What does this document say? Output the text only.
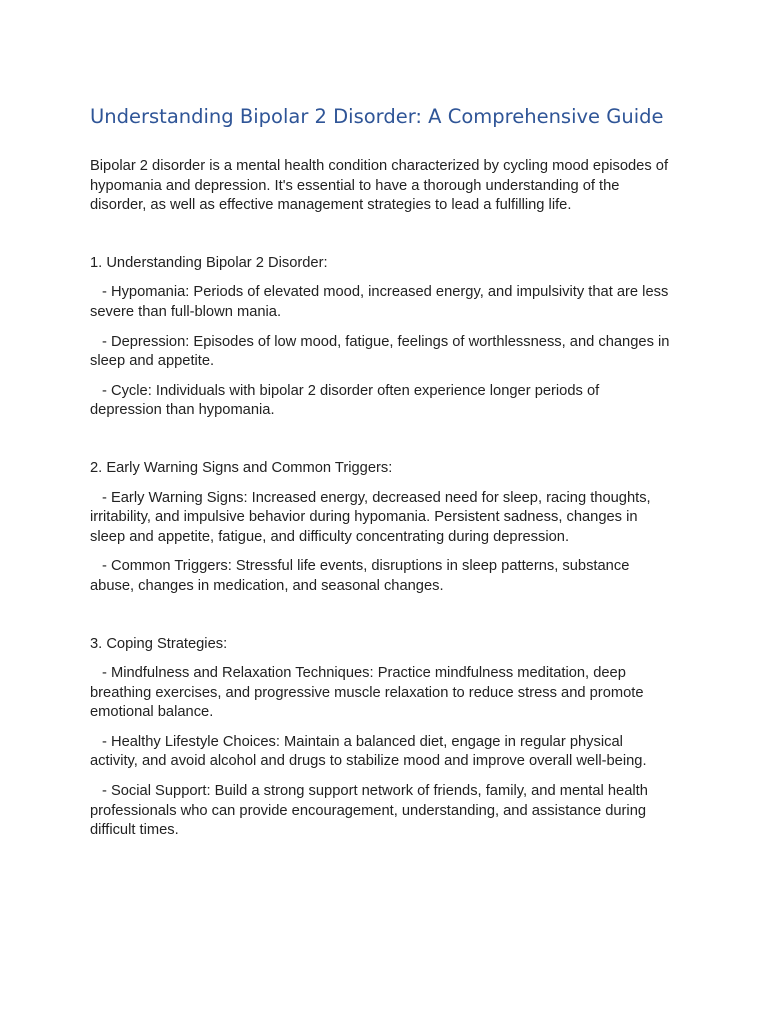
Understanding Bipolar 2 Disorder: A Comprehensive Guide

Bipolar 2 disorder is a mental health condition characterized by cycling mood episodes of hypomania and depression. It's essential to have a thorough understanding of the disorder, as well as effective management strategies to lead a fulfilling life.

1. Understanding Bipolar 2 Disorder:

- Hypomania: Periods of elevated mood, increased energy, and impulsivity that are less severe than full-blown mania.

- Depression: Episodes of low mood, fatigue, feelings of worthlessness, and changes in sleep and appetite.

- Cycle: Individuals with bipolar 2 disorder often experience longer periods of depression than hypomania.

2. Early Warning Signs and Common Triggers:

- Early Warning Signs: Increased energy, decreased need for sleep, racing thoughts, irritability, and impulsive behavior during hypomania. Persistent sadness, changes in sleep and appetite, fatigue, and difficulty concentrating during depression.

- Common Triggers: Stressful life events, disruptions in sleep patterns, substance abuse, changes in medication, and seasonal changes.

3. Coping Strategies:

- Mindfulness and Relaxation Techniques: Practice mindfulness meditation, deep breathing exercises, and progressive muscle relaxation to reduce stress and promote emotional balance.

- Healthy Lifestyle Choices: Maintain a balanced diet, engage in regular physical activity, and avoid alcohol and drugs to stabilize mood and improve overall well-being.

- Social Support: Build a strong support network of friends, family, and mental health professionals who can provide encouragement, understanding, and assistance during difficult times.
